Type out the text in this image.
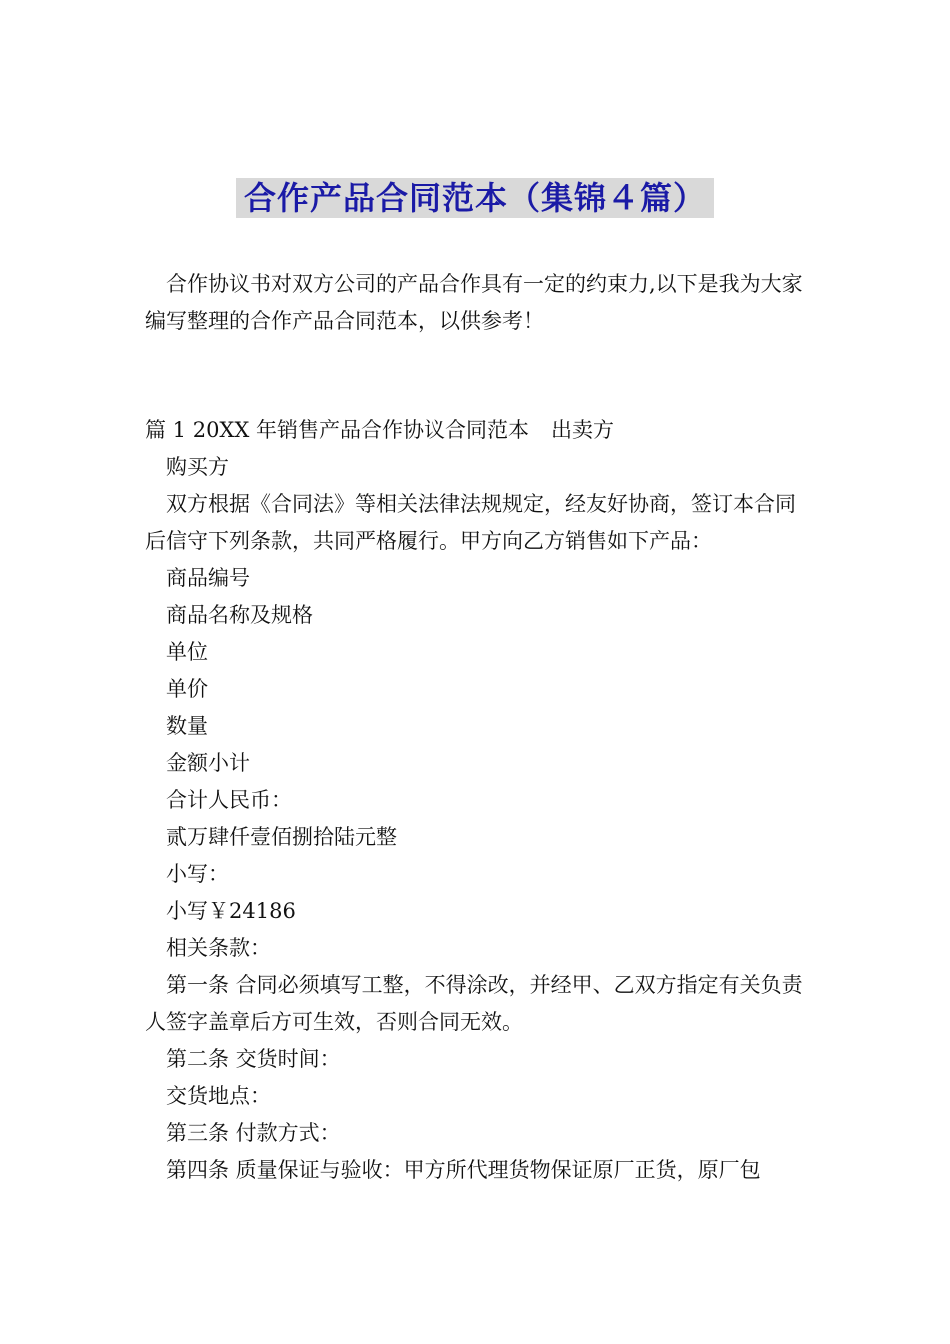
合作产品合同范本（集锦４篇）

合作协议书对双方公司的产品合作具有一定的约束力,以下是我为大家编写整理的合作产品合同范本，以供参考！

篇 1 20XX 年销售产品合作协议合同范本 出卖方

购买方

双方根据《合同法》等相关法律法规规定，经友好协商，签订本合同后信守下列条款，共同严格履行。甲方向乙方销售如下产品：

商品编号

商品名称及规格

单位

单价

数量

金额小计

合计人民币：

贰万肆仟壹佰捌拾陆元整

小写：

小写￥24186

相关条款：

第一条 合同必须填写工整，不得涂改，并经甲、乙双方指定有关负责人签字盖章后方可生效，否则合同无效。

第二条 交货时间：

交货地点：

第三条 付款方式：

第四条 质量保证与验收：甲方所代理货物保证原厂正货，原厂包
